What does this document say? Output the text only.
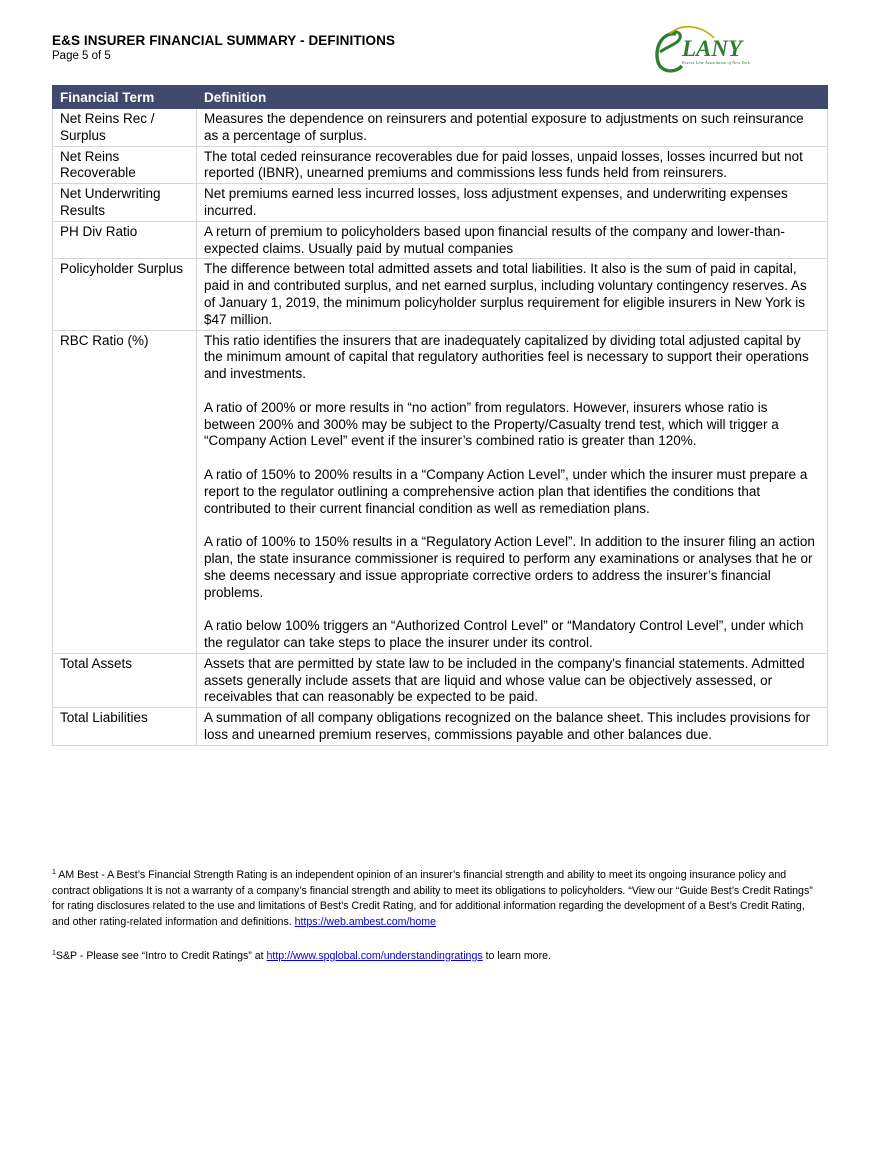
E&S INSURER FINANCIAL SUMMARY - DEFINITIONS
Page 5 of 5	LANY
Excess Line Association of New York
Financial Term	Definition
Net Reins Rec / Surplus	Measures the dependence on reinsurers and potential exposure to adjustments on such reinsurance as a percentage of surplus.

Net Reins Recoverable	The total ceded reinsurance recoverables due for paid losses, unpaid losses, losses incurred but not reported (IBNR), unearned premiums and commissions less funds held from reinsurers.

Net Underwriting Results	Net premiums earned less incurred losses, loss adjustment expenses, and underwriting expenses incurred.

PH Div Ratio	A return of premium to policyholders based upon financial results of the company and lower-than-expected claims. Usually paid by mutual companies

Policyholder Surplus	The difference between total admitted assets and total liabilities. It also is the sum of paid in capital, paid in and contributed surplus, and net earned surplus, including voluntary contingency reserves. As of January 1, 2019, the minimum policyholder surplus requirement for eligible insurers in New York is $47 million.

RBC Ratio (%)	This ratio identifies the insurers that are inadequately capitalized by dividing total adjusted capital by the minimum amount of capital that regulatory authorities feel is necessary to support their operations and investments.
A ratio of 200% or more results in “no action” from regulators. However, insurers whose ratio is between 200% and 300% may be subject to the Property/Casualty trend test, which will trigger a “Company Action Level” event if the insurer’s combined ratio is greater than 120%.
A ratio of 150% to 200% results in a “Company Action Level”, under which the insurer must prepare a report to the regulator outlining a comprehensive action plan that identifies the conditions that contributed to their current financial condition as well as remediation plans.
A ratio of 100% to 150% results in a “Regulatory Action Level”. In addition to the insurer filing an action plan, the state insurance commissioner is required to perform any examinations or analyses that he or she deems necessary and issue appropriate corrective orders to address the insurer’s financial problems.
A ratio below 100% triggers an “Authorized Control Level” or “Mandatory Control Level”, under which the regulator can take steps to place the insurer under its control.

Total Assets	Assets that are permitted by state law to be included in the company's financial statements. Admitted assets generally include assets that are liquid and whose value can be objectively assessed, or receivables that can reasonably be expected to be paid.

Total Liabilities	A summation of all company obligations recognized on the balance sheet. This includes provisions for loss and unearned premium reserves, commissions payable and other balances due.

$^1$ AM Best - A Best’s Financial Strength Rating is an independent opinion of an insurer’s financial strength and ability to meet its ongoing insurance policy and contract obligations It is not a warranty of a company’s financial strength and ability to meet its obligations to policyholders. “View our “Guide Best’s Credit Ratings” for rating disclosures related to the use and limitations of Best’s Credit Rating, and for additional information regarding the development of a Best’s Credit Rating, and other rating-related information and definitions. https://web.ambest.com/home

$^1$S&P - Please see “Intro to Credit Ratings” at http://www.spglobal.com/understandingratings to learn more.
